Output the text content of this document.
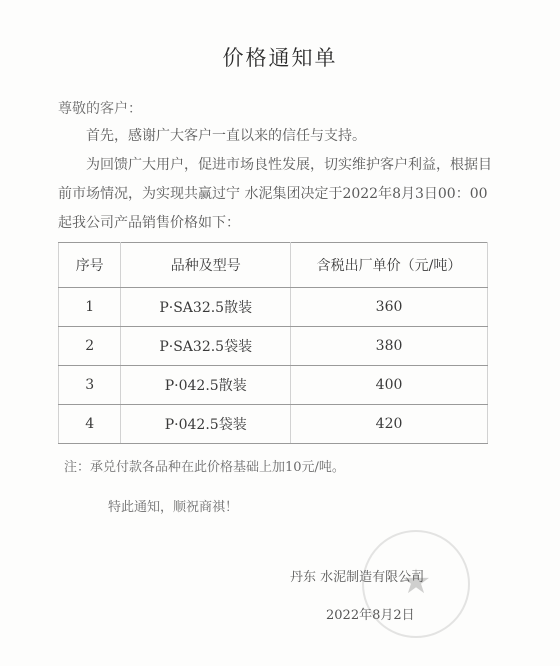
价格通知单
尊敬的客户：
首先，感谢广大客户一直以来的信任与支持。
为回馈广大用户，促进市场良性发展，切实维护客户利益，根据目前市场情况，为实现共赢过宁 水泥集团决定于2022年8月3日00：00起我公司产品销售价格如下：
序号	品种及型号	含税出厂单价（元/吨）
1	P·SA32.5散装	360
2	P·SA32.5袋装	380
3	P·042.5散装	400
4	P·042.5袋装	420
注：承兑付款各品种在此价格基础上加10元/吨。
特此通知，顺祝商祺！
★
丹东 水泥制造有限公司
2022年8月2日
